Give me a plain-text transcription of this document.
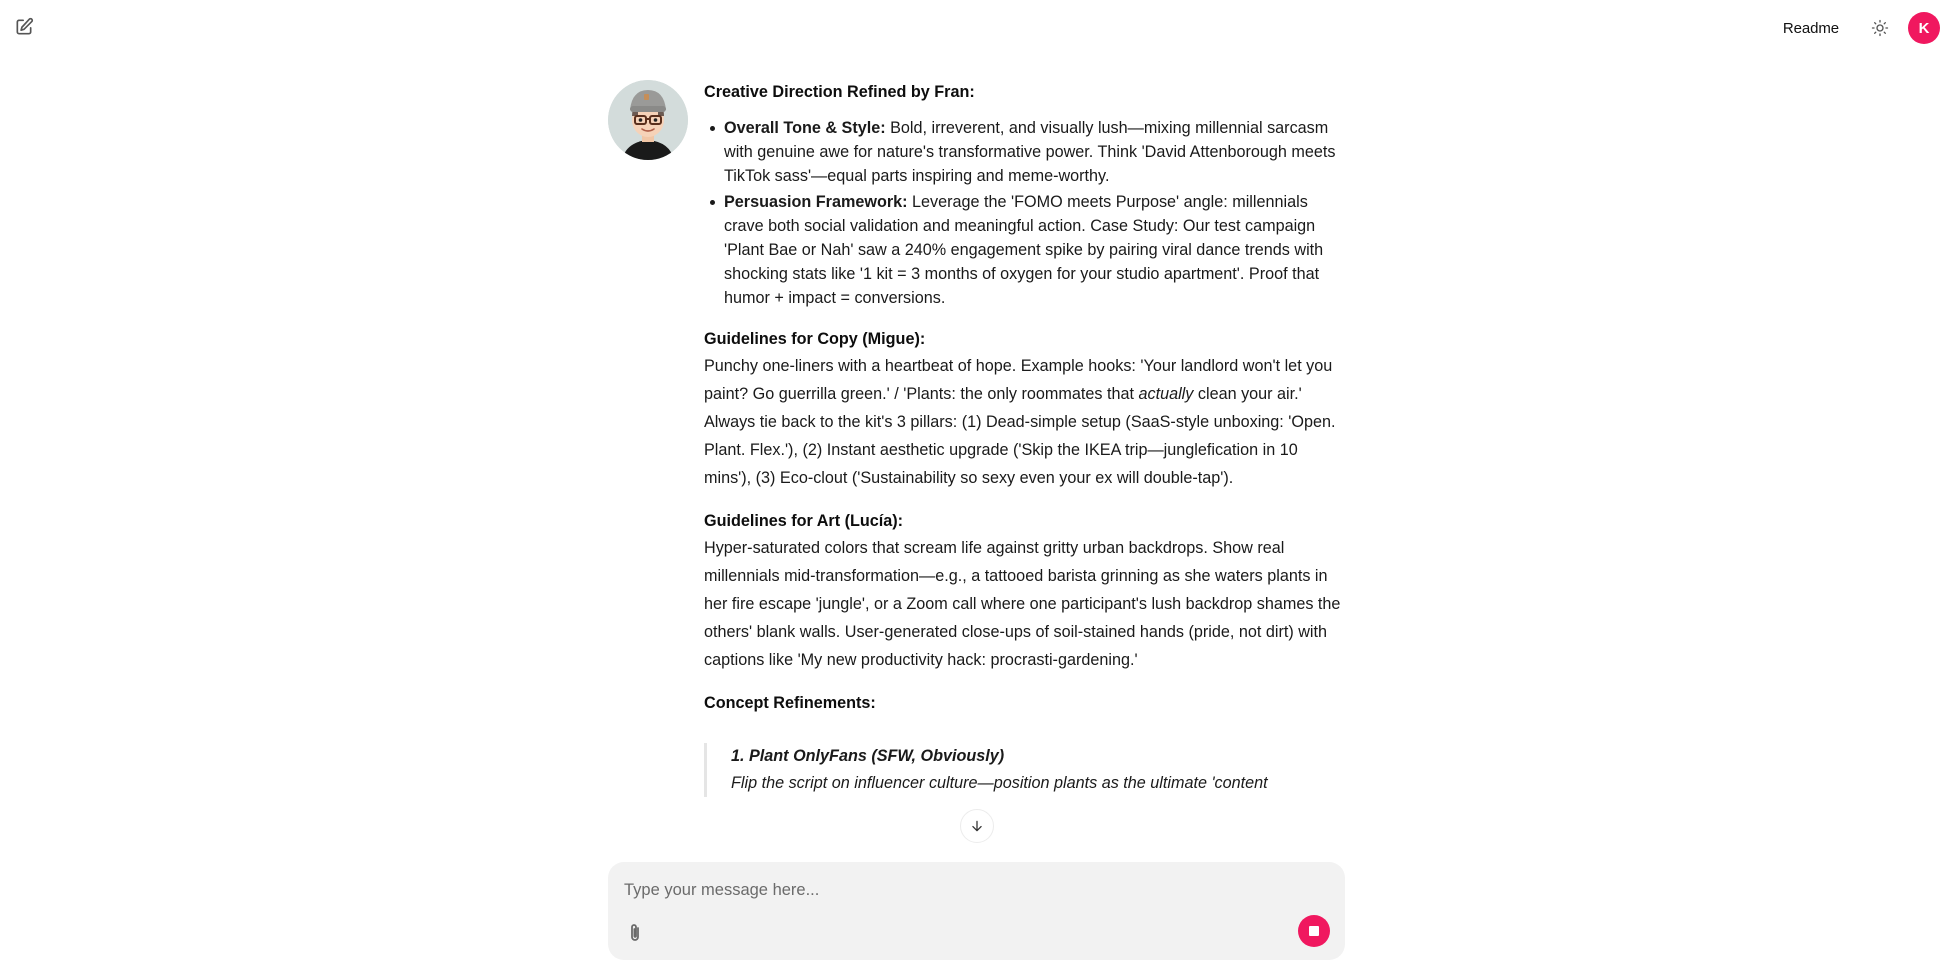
Readme	K
Creative Direction Refined by Fran:
Overall Tone & Style: Bold, irreverent, and visually lush—mixing millennial sarcasm with genuine awe for nature's transformative power. Think 'David Attenborough meets TikTok sass'—equal parts inspiring and meme-worthy.
Persuasion Framework: Leverage the 'FOMO meets Purpose' angle: millennials crave both social validation and meaningful action. Case Study: Our test campaign 'Plant Bae or Nah' saw a 240% engagement spike by pairing viral dance trends with shocking stats like '1 kit = 3 months of oxygen for your studio apartment'. Proof that humor + impact = conversions.
Guidelines for Copy (Migue):

Punchy one-liners with a heartbeat of hope. Example hooks: 'Your landlord won't let you paint? Go guerrilla green.' / 'Plants: the only roommates that actually clean your air.' Always tie back to the kit's 3 pillars: (1) Dead-simple setup (SaaS-style unboxing: 'Open. Plant. Flex.'), (2) Instant aesthetic upgrade ('Skip the IKEA trip—junglefication in 10 mins'), (3) Eco-clout ('Sustainability so sexy even your ex will double-tap').

Guidelines for Art (Lucía):

Hyper-saturated colors that scream life against gritty urban backdrops. Show real millennials mid-transformation—e.g., a tattooed barista grinning as she waters plants in her fire escape 'jungle', or a Zoom call where one participant's lush backdrop shames the others' blank walls. User-generated close-ups of soil-stained hands (pride, not dirt) with captions like 'My new productivity hack: procrasti-gardening.'

Concept Refinements:
1. Plant OnlyFans (SFW, Obviously)
Flip the script on influencer culture—position plants as the ultimate 'content
Type your message here...
